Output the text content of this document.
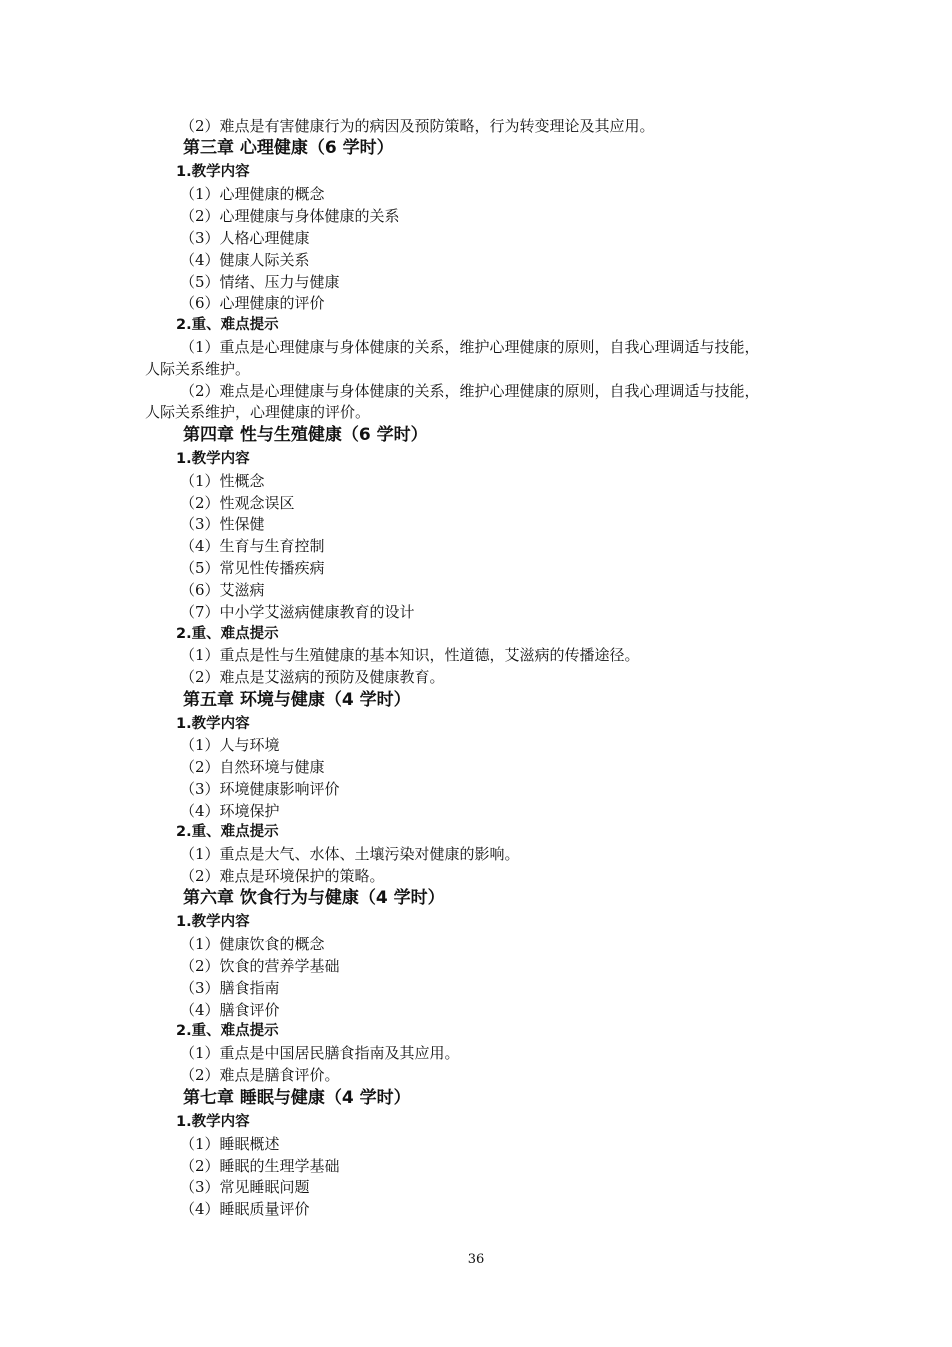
（2）难点是有害健康行为的病因及预防策略，行为转变理论及其应用。
第三章 心理健康（6 学时）
1.教学内容
（1）心理健康的概念
（2）心理健康与身体健康的关系
（3）人格心理健康
（4）健康人际关系
（5）情绪、压力与健康
（6）心理健康的评价
2.重、难点提示
（1）重点是心理健康与身体健康的关系，维护心理健康的原则，自我心理调适与技能，
人际关系维护。
（2）难点是心理健康与身体健康的关系，维护心理健康的原则，自我心理调适与技能，
人际关系维护，心理健康的评价。
第四章 性与生殖健康（6 学时）
1.教学内容
（1）性概念
（2）性观念误区
（3）性保健
（4）生育与生育控制
（5）常见性传播疾病
（6）艾滋病
（7）中小学艾滋病健康教育的设计
2.重、难点提示
（1）重点是性与生殖健康的基本知识，性道德，艾滋病的传播途径。
（2）难点是艾滋病的预防及健康教育。
第五章 环境与健康（4 学时）
1.教学内容
（1）人与环境
（2）自然环境与健康
（3）环境健康影响评价
（4）环境保护
2.重、难点提示
（1）重点是大气、水体、土壤污染对健康的影响。
（2）难点是环境保护的策略。
第六章 饮食行为与健康（4 学时）
1.教学内容
（1）健康饮食的概念
（2）饮食的营养学基础
（3）膳食指南
（4）膳食评价
2.重、难点提示
（1）重点是中国居民膳食指南及其应用。
（2）难点是膳食评价。
第七章 睡眠与健康（4 学时）
1.教学内容
（1）睡眠概述
（2）睡眠的生理学基础
（3）常见睡眠问题
（4）睡眠质量评价
36
